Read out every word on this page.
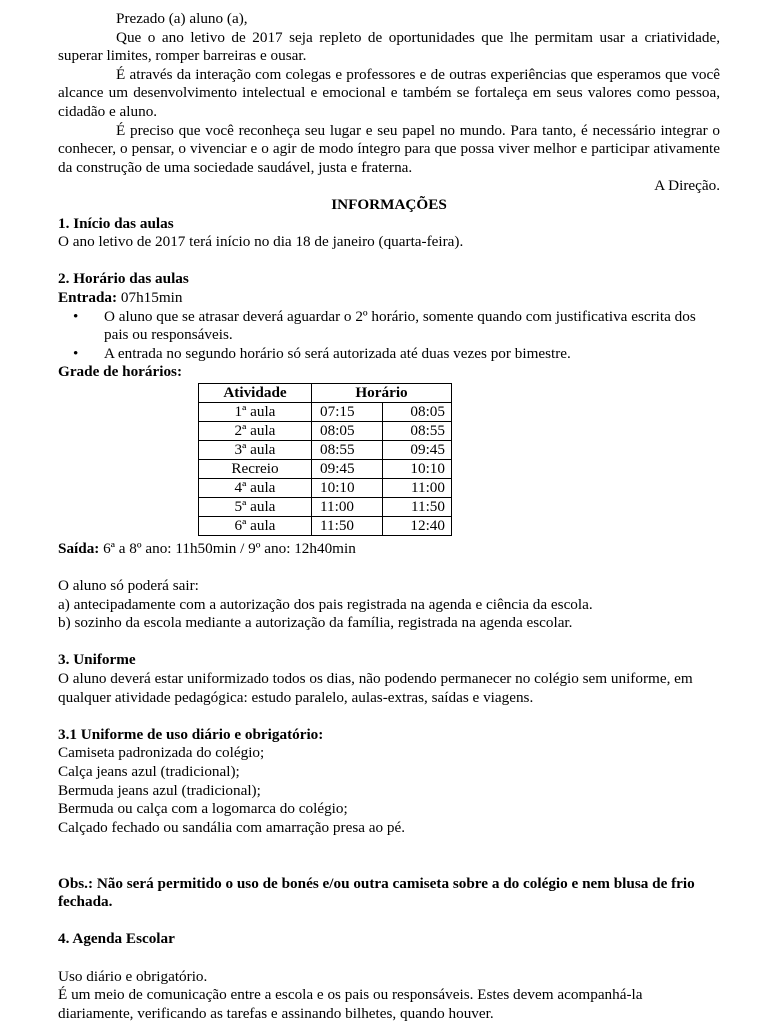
Prezado (a) aluno (a),

Que o ano letivo de 2017 seja repleto de oportunidades que lhe permitam usar a criatividade, superar limites, romper barreiras e ousar.

É através da interação com colegas e professores e de outras experiências que esperamos que você alcance um desenvolvimento intelectual e emocional e também se fortaleça em seus valores como pessoa, cidadão e aluno.

É preciso que você reconheça seu lugar e seu papel no mundo. Para tanto, é necessário integrar o conhecer, o pensar, o vivenciar e o agir de modo íntegro para que possa viver melhor e participar ativamente da construção de uma sociedade saudável, justa e fraterna.

A Direção.

INFORMAÇÕES

1. Início das aulas

O ano letivo de 2017 terá início no dia 18 de janeiro (quarta-feira).

2. Horário das aulas

Entrada: 07h15min

• O aluno que se atrasar deverá aguardar o 2º horário, somente quando com justificativa escrita dos pais ou responsáveis.
• A entrada no segundo horário só será autorizada até duas vezes por bimestre.

Grade de horários:

Atividade	Horário	
1ª aula	07:15	08:05
2ª aula	08:05	08:55
3ª aula	08:55	09:45
Recreio	09:45	10:10
4ª aula	10:10	11:00
5ª aula	11:00	11:50
6ª aula	11:50	12:40

Saída: 6ª a 8º ano: 11h50min / 9º ano: 12h40min

O aluno só poderá sair:

a) antecipadamente com a autorização dos pais registrada na agenda e ciência da escola.

b) sozinho da escola mediante a autorização da família, registrada na agenda escolar.

3. Uniforme

O aluno deverá estar uniformizado todos os dias, não podendo permanecer no colégio sem uniforme, em qualquer atividade pedagógica: estudo paralelo, aulas-extras, saídas e viagens.

3.1 Uniforme de uso diário e obrigatório:

Camiseta padronizada do colégio;

Calça jeans azul (tradicional);

Bermuda jeans azul (tradicional);

Bermuda ou calça com a logomarca do colégio;

Calçado fechado ou sandália com amarração presa ao pé.

Obs.: Não será permitido o uso de bonés e/ou outra camiseta sobre a do colégio e nem blusa de frio fechada.

4. Agenda Escolar

Uso diário e obrigatório.

É um meio de comunicação entre a escola e os pais ou responsáveis. Estes devem acompanhá-la diariamente, verificando as tarefas e assinando bilhetes, quando houver.
